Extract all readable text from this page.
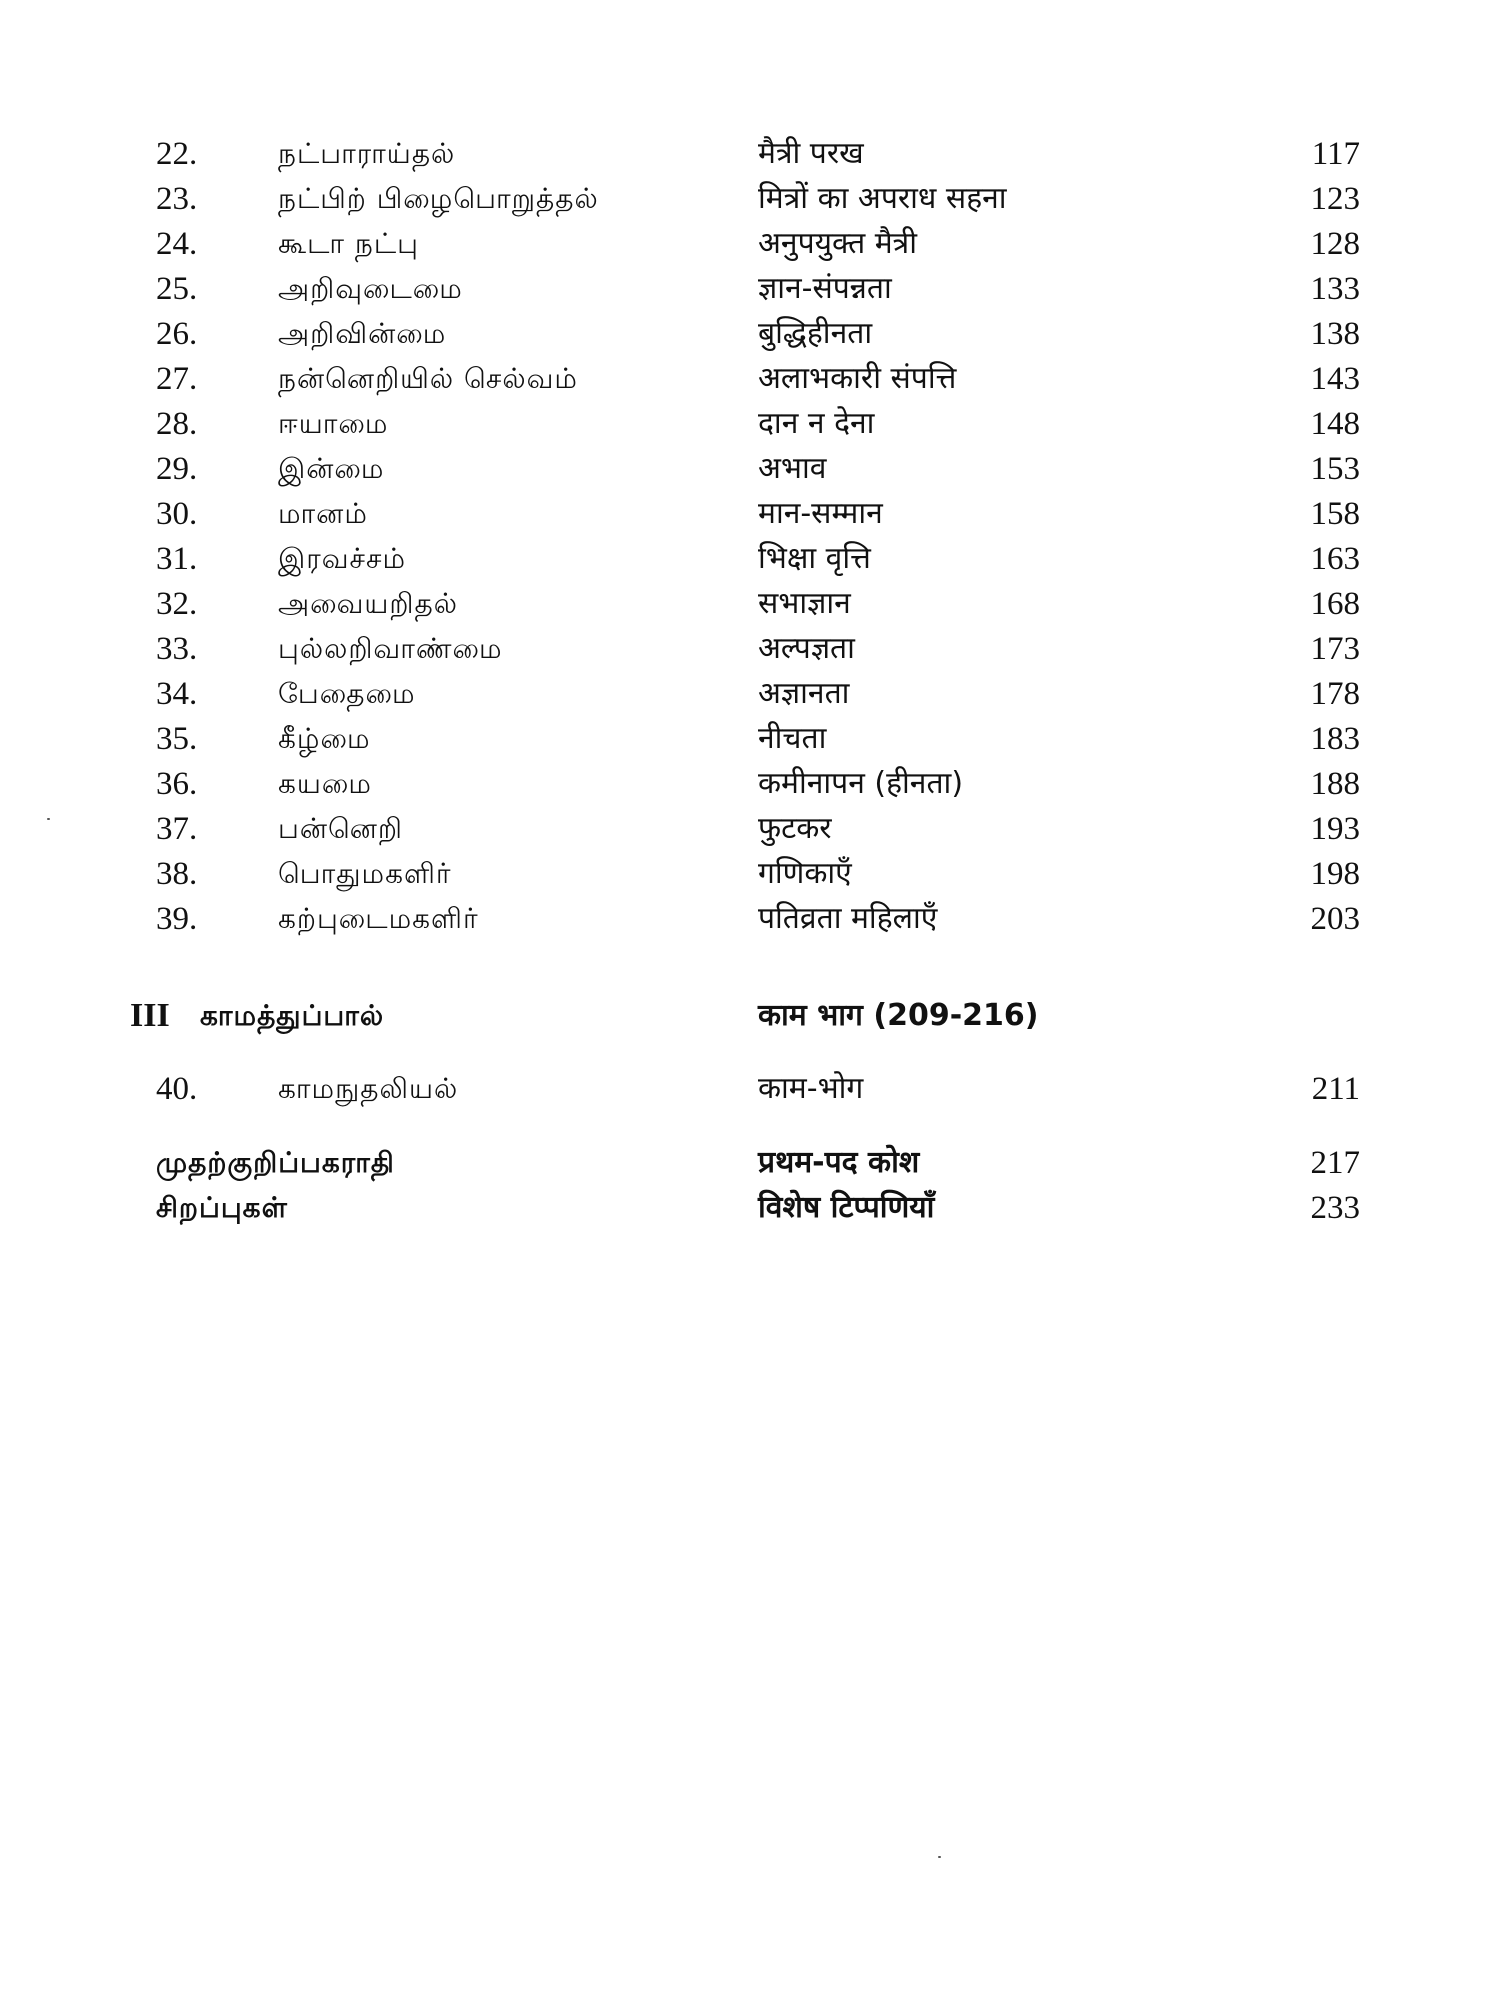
22.	நட்பாராய்தல்	मैत्री परख	117
23.	நட்பிற் பிழைபொறுத்தல்	मित्रों का अपराध सहना	123
24.	கூடா நட்பு	अनुपयुक्त मैत्री	128
25.	அறிவுடைமை	ज्ञान-संपन्नता	133
26.	அறிவின்மை	बुद्धिहीनता	138
27.	நன்னெறியில் செல்வம்	अलाभकारी संपत्ति	143
28.	ஈயாமை	दान न देना	148
29.	இன்மை	अभाव	153
30.	மானம்	मान-सम्मान	158
31.	இரவச்சம்	भिक्षा वृत्ति	163
32.	அவையறிதல்	सभाज्ञान	168
33.	புல்லறிவாண்மை	अल्पज्ञता	173
34.	பேதைமை	अज्ञानता	178
35.	கீழ்மை	नीचता	183
36.	கயமை	कमीनापन (हीनता)	188
37.	பன்னெறி	फुटकर	193
38.	பொதுமகளிர்	गणिकाएँ	198
39.	கற்புடைமகளிர்	पतिव्रता महिलाएँ	203
III காமத்துப்பால்	काम भाग (209-216)
40.	காமநுதலியல்	काम-भोग	211
முதற்குறிப்பகராதி	प्रथम-पद कोश	217
சிறப்புகள்	विशेष टिप्पणियाँ	233
